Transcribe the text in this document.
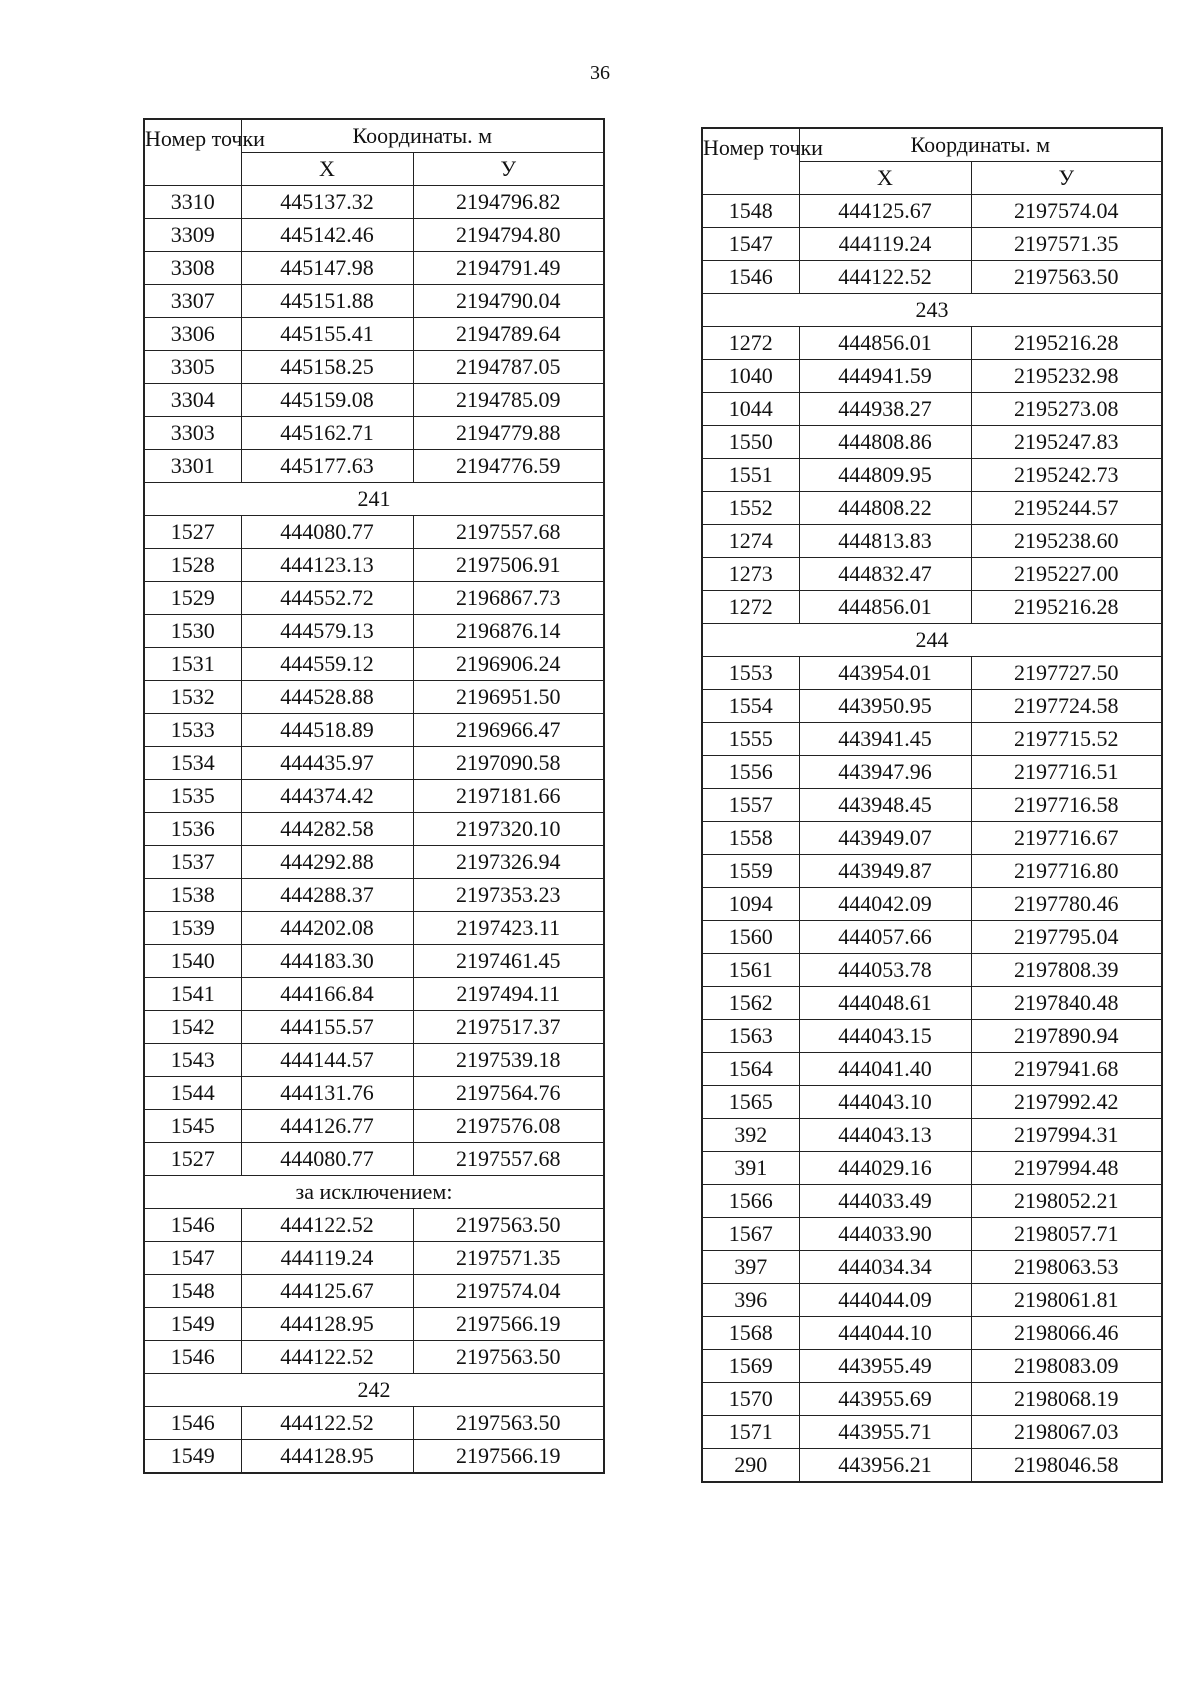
36
Номер точки	Координаты. м	
	Х	У
3310	445137.32	2194796.82
3309	445142.46	2194794.80
3308	445147.98	2194791.49
3307	445151.88	2194790.04
3306	445155.41	2194789.64
3305	445158.25	2194787.05
3304	445159.08	2194785.09
3303	445162.71	2194779.88
3301	445177.63	2194776.59
241		
1527	444080.77	2197557.68
1528	444123.13	2197506.91
1529	444552.72	2196867.73
1530	444579.13	2196876.14
1531	444559.12	2196906.24
1532	444528.88	2196951.50
1533	444518.89	2196966.47
1534	444435.97	2197090.58
1535	444374.42	2197181.66
1536	444282.58	2197320.10
1537	444292.88	2197326.94
1538	444288.37	2197353.23
1539	444202.08	2197423.11
1540	444183.30	2197461.45
1541	444166.84	2197494.11
1542	444155.57	2197517.37
1543	444144.57	2197539.18
1544	444131.76	2197564.76
1545	444126.77	2197576.08
1527	444080.77	2197557.68
за исключением:		
1546	444122.52	2197563.50
1547	444119.24	2197571.35
1548	444125.67	2197574.04
1549	444128.95	2197566.19
1546	444122.52	2197563.50
242		
1546	444122.52	2197563.50
1549	444128.95	2197566.19
Номер точки	Координаты. м	
	Х	У
1548	444125.67	2197574.04
1547	444119.24	2197571.35
1546	444122.52	2197563.50
243		
1272	444856.01	2195216.28
1040	444941.59	2195232.98
1044	444938.27	2195273.08
1550	444808.86	2195247.83
1551	444809.95	2195242.73
1552	444808.22	2195244.57
1274	444813.83	2195238.60
1273	444832.47	2195227.00
1272	444856.01	2195216.28
244		
1553	443954.01	2197727.50
1554	443950.95	2197724.58
1555	443941.45	2197715.52
1556	443947.96	2197716.51
1557	443948.45	2197716.58
1558	443949.07	2197716.67
1559	443949.87	2197716.80
1094	444042.09	2197780.46
1560	444057.66	2197795.04
1561	444053.78	2197808.39
1562	444048.61	2197840.48
1563	444043.15	2197890.94
1564	444041.40	2197941.68
1565	444043.10	2197992.42
392	444043.13	2197994.31
391	444029.16	2197994.48
1566	444033.49	2198052.21
1567	444033.90	2198057.71
397	444034.34	2198063.53
396	444044.09	2198061.81
1568	444044.10	2198066.46
1569	443955.49	2198083.09
1570	443955.69	2198068.19
1571	443955.71	2198067.03
290	443956.21	2198046.58
